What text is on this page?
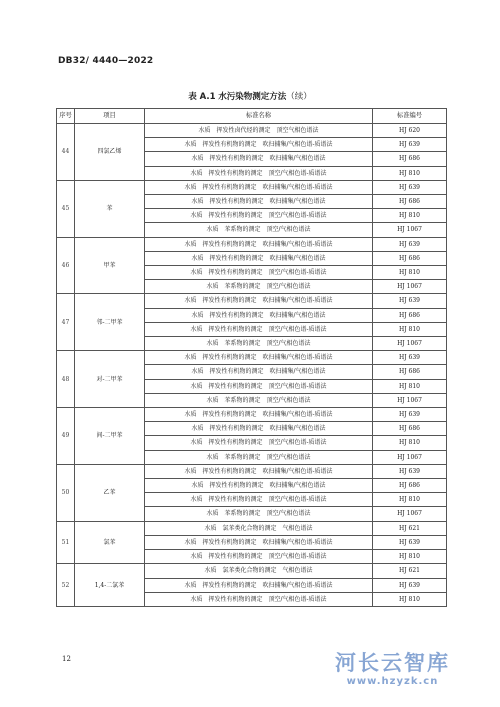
DB32/ 4440—2022
表 A.1 水污染物测定方法（续）
序号	项目	标准名称	标准编号
44	四氯乙烯	水质　挥发性卤代烃的测定　顶空气相色谱法	HJ 620
		水质　挥发性有机物的测定　吹扫捕集/气相色谱-质谱法	HJ 639
		水质　挥发性有机物的测定　吹扫捕集/气相色谱法	HJ 686
		水质　挥发性有机物的测定　顶空/气相色谱-质谱法	HJ 810
45	苯	水质　挥发性有机物的测定　吹扫捕集/气相色谱-质谱法	HJ 639
		水质　挥发性有机物的测定　吹扫捕集/气相色谱法	HJ 686
		水质　挥发性有机物的测定　顶空/气相色谱-质谱法	HJ 810
		水质　苯系物的测定　顶空/气相色谱法	HJ 1067
46	甲苯	水质　挥发性有机物的测定　吹扫捕集/气相色谱-质谱法	HJ 639
		水质　挥发性有机物的测定　吹扫捕集/气相色谱法	HJ 686
		水质　挥发性有机物的测定　顶空/气相色谱-质谱法	HJ 810
		水质　苯系物的测定　顶空/气相色谱法	HJ 1067
47	邻-二甲苯	水质　挥发性有机物的测定　吹扫捕集/气相色谱-质谱法	HJ 639
		水质　挥发性有机物的测定　吹扫捕集/气相色谱法	HJ 686
		水质　挥发性有机物的测定　顶空/气相色谱-质谱法	HJ 810
		水质　苯系物的测定　顶空/气相色谱法	HJ 1067
48	对-二甲苯	水质　挥发性有机物的测定　吹扫捕集/气相色谱-质谱法	HJ 639
		水质　挥发性有机物的测定　吹扫捕集/气相色谱法	HJ 686
		水质　挥发性有机物的测定　顶空/气相色谱-质谱法	HJ 810
		水质　苯系物的测定　顶空/气相色谱法	HJ 1067
49	间-二甲苯	水质　挥发性有机物的测定　吹扫捕集/气相色谱-质谱法	HJ 639
		水质　挥发性有机物的测定　吹扫捕集/气相色谱法	HJ 686
		水质　挥发性有机物的测定　顶空/气相色谱-质谱法	HJ 810
		水质　苯系物的测定　顶空/气相色谱法	HJ 1067
50	乙苯	水质　挥发性有机物的测定　吹扫捕集/气相色谱-质谱法	HJ 639
		水质　挥发性有机物的测定　吹扫捕集/气相色谱法	HJ 686
		水质　挥发性有机物的测定　顶空/气相色谱-质谱法	HJ 810
		水质　苯系物的测定　顶空/气相色谱法	HJ 1067
51	氯苯	水质　氯苯类化合物的测定　气相色谱法	HJ 621
		水质　挥发性有机物的测定　吹扫捕集/气相色谱-质谱法	HJ 639
		水质　挥发性有机物的测定　顶空/气相色谱-质谱法	HJ 810
52	1,4-二氯苯	水质　氯苯类化合物的测定　气相色谱法	HJ 621
		水质　挥发性有机物的测定　吹扫捕集/气相色谱-质谱法	HJ 639
		水质　挥发性有机物的测定　顶空/气相色谱-质谱法	HJ 810
12	河长云智库
www.hzyzk.cn
